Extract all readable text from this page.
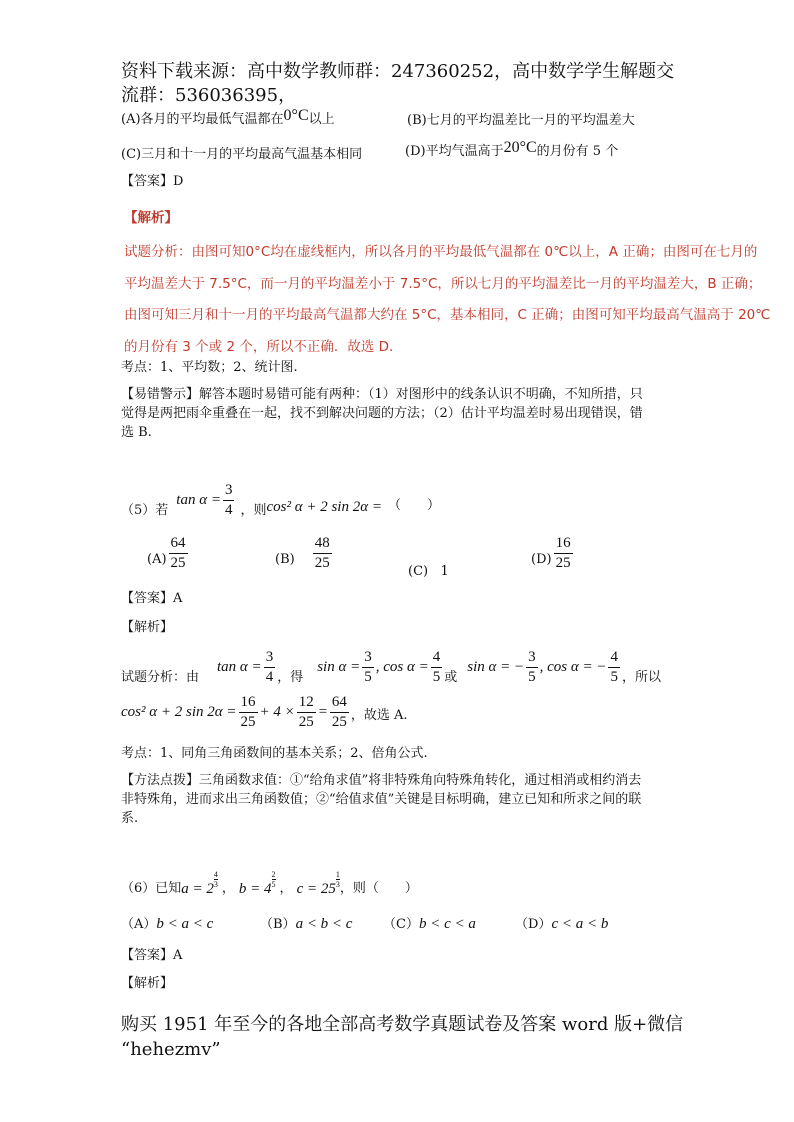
资料下载来源：高中数学教师群：247360252，高中数学学生解题交
流群：536036395，
(A)各月的平均最低气温都在0°C以上	(B)七月的平均温差比一月的平均温差大
(C)三月和十一月的平均最高气温基本相同	(D)平均气温高于20°C的月份有 5 个
【答案】D
【解析】
试题分析：由图可知0°C均在虚线框内，所以各月的平均最低气温都在 0℃以上，A 正确；由图可在七月的
平均温差大于 7.5°C，而一月的平均温差小于 7.5°C，所以七月的平均温差比一月的平均温差大，B 正确；
由图可知三月和十一月的平均最高气温都大约在 5°C，基本相同，C 正确；由图可知平均最高气温高于 20℃
的月份有 3 个或 2 个，所以不正确．故选 D．
考点：1、平均数；2、统计图.
【易错警示】解答本题时易错可能有两种：（1）对图形中的线条认识不明确，不知所措，只
觉得是两把雨伞重叠在一起，找不到解决问题的方法；（2）估计平均温差时易出现错误，错
选 B.
（5）若
$\tan \alpha = \frac{3}{4}$ ，则 cos² α + 2 sin 2α = （　　）
$(A) \frac{64}{25}$	$(B) \frac{48}{25}$
(C) 1
$(D) \frac{16}{25}$
【答案】A
【解析】
试题分析：由
$\tan \alpha = \frac{3}{4}$ ，得
$\sin \alpha = \frac{3}{5}$ , $\cos \alpha = \frac{4}{5}$ 或
sin α = − $\frac{3}{5}$ , cos α = − $\frac{4}{5}$ ，所以
cos² α + 2 $\sin 2\alpha = \frac{16}{25} + 4 \times \frac{12}{25} = \frac{64}{25}$ ，故选 A.
考点：1、同角三角函数间的基本关系；2、倍角公式.
【方法点拨】三角函数求值：①“给角求值”将非特殊角向特殊角转化，通过相消或相约消去
非特殊角，进而求出三角函数值；②“给值求值”关键是目标明确，建立已知和所求之间的联
系.
（6）已知 a = 2
4
3 ， b = 4
2
5 ， c = 25
1
3 ，则（　　）
（A）b < a < c	（B）a < b < c （C）b < c < a	（D）c < a < b
【答案】A
【解析】
购买 1951 年至今的各地全部高考数学真题试卷及答案 word 版+微信
“hehezmv”
